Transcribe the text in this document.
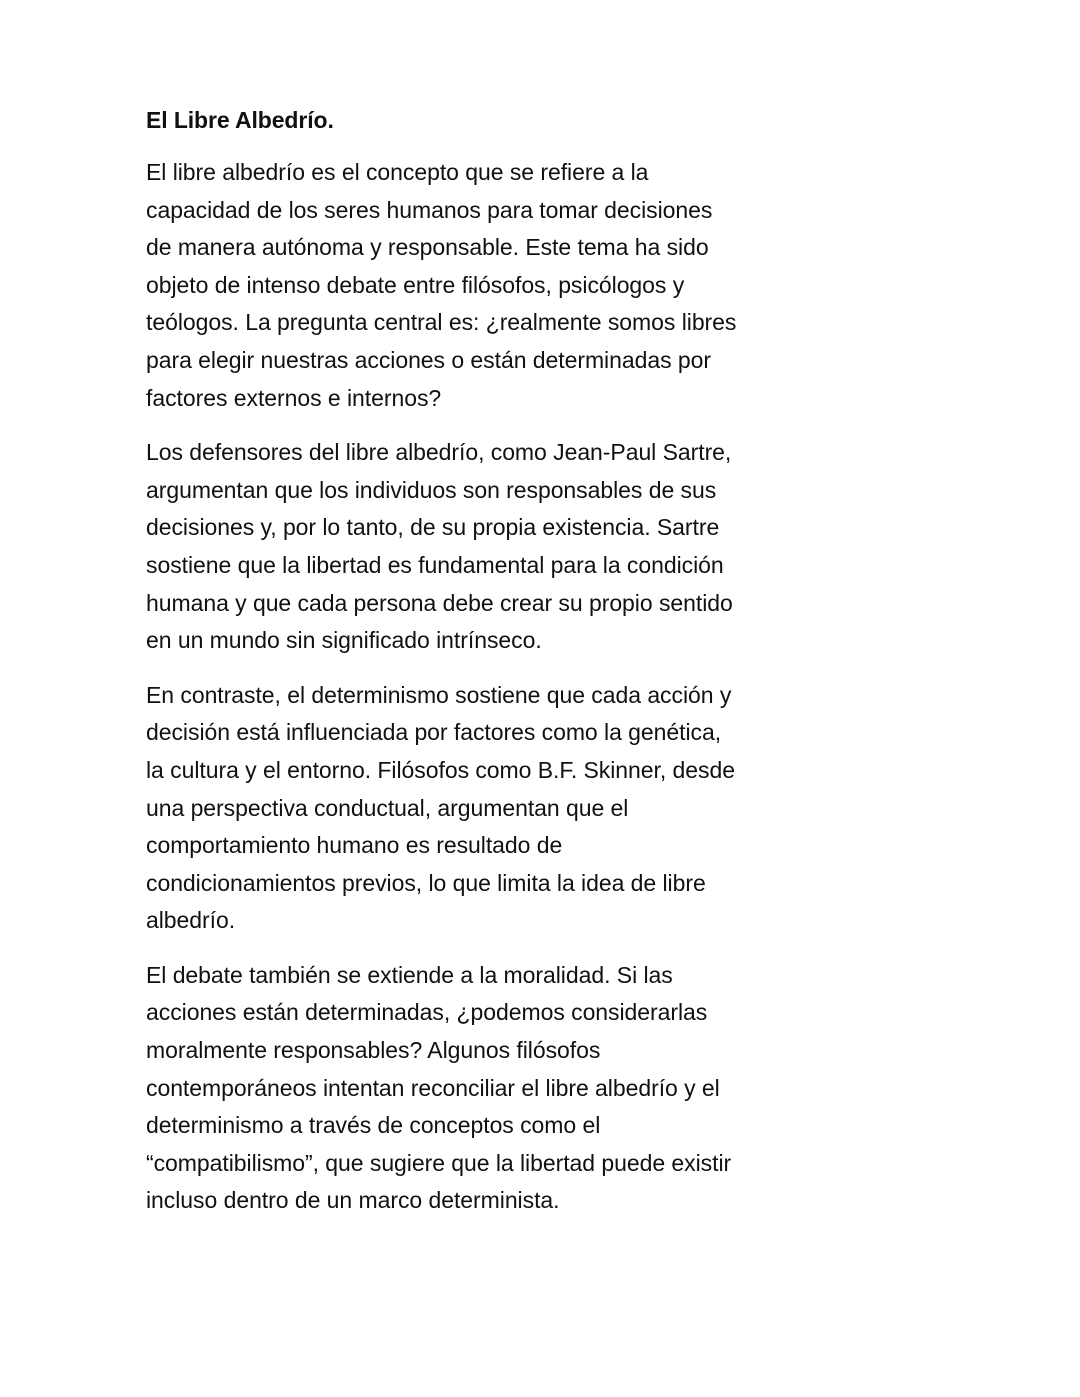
El Libre Albedrío.

El libre albedrío es el concepto que se refiere a la
capacidad de los seres humanos para tomar decisiones
de manera autónoma y responsable. Este tema ha sido
objeto de intenso debate entre filósofos, psicólogos y
teólogos. La pregunta central es: ¿realmente somos libres
para elegir nuestras acciones o están determinadas por
factores externos e internos?

Los defensores del libre albedrío, como Jean-Paul Sartre,
argumentan que los individuos son responsables de sus
decisiones y, por lo tanto, de su propia existencia. Sartre
sostiene que la libertad es fundamental para la condición
humana y que cada persona debe crear su propio sentido
en un mundo sin significado intrínseco.

En contraste, el determinismo sostiene que cada acción y
decisión está influenciada por factores como la genética,
la cultura y el entorno. Filósofos como B.F. Skinner, desde
una perspectiva conductual, argumentan que el
comportamiento humano es resultado de
condicionamientos previos, lo que limita la idea de libre
albedrío.

El debate también se extiende a la moralidad. Si las
acciones están determinadas, ¿podemos considerarlas
moralmente responsables? Algunos filósofos
contemporáneos intentan reconciliar el libre albedrío y el
determinismo a través de conceptos como el
“compatibilismo”, que sugiere que la libertad puede existir
incluso dentro de un marco determinista.
